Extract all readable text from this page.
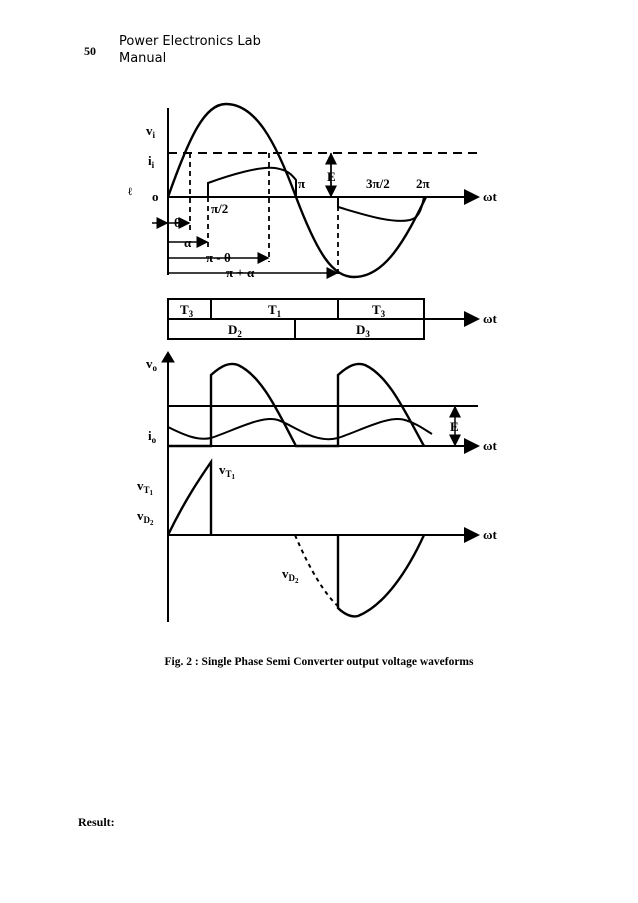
50
Power Electronics Lab Manual
$v_i$
$i_i$
ℓ o
π	3π/2 2π
π/2
E
ωt
θ
α
π - θ
π + α
$T_3$	$T_1$	$T_3$
$D_2$	$D_3$
ωt
$v_o$
$i_o$
E
ωt
$v_T1$
$v_T1$
$v_D2$
$v_D2$
ωt
Fig. 2 : Single Phase Semi Converter output voltage waveforms
Result:
